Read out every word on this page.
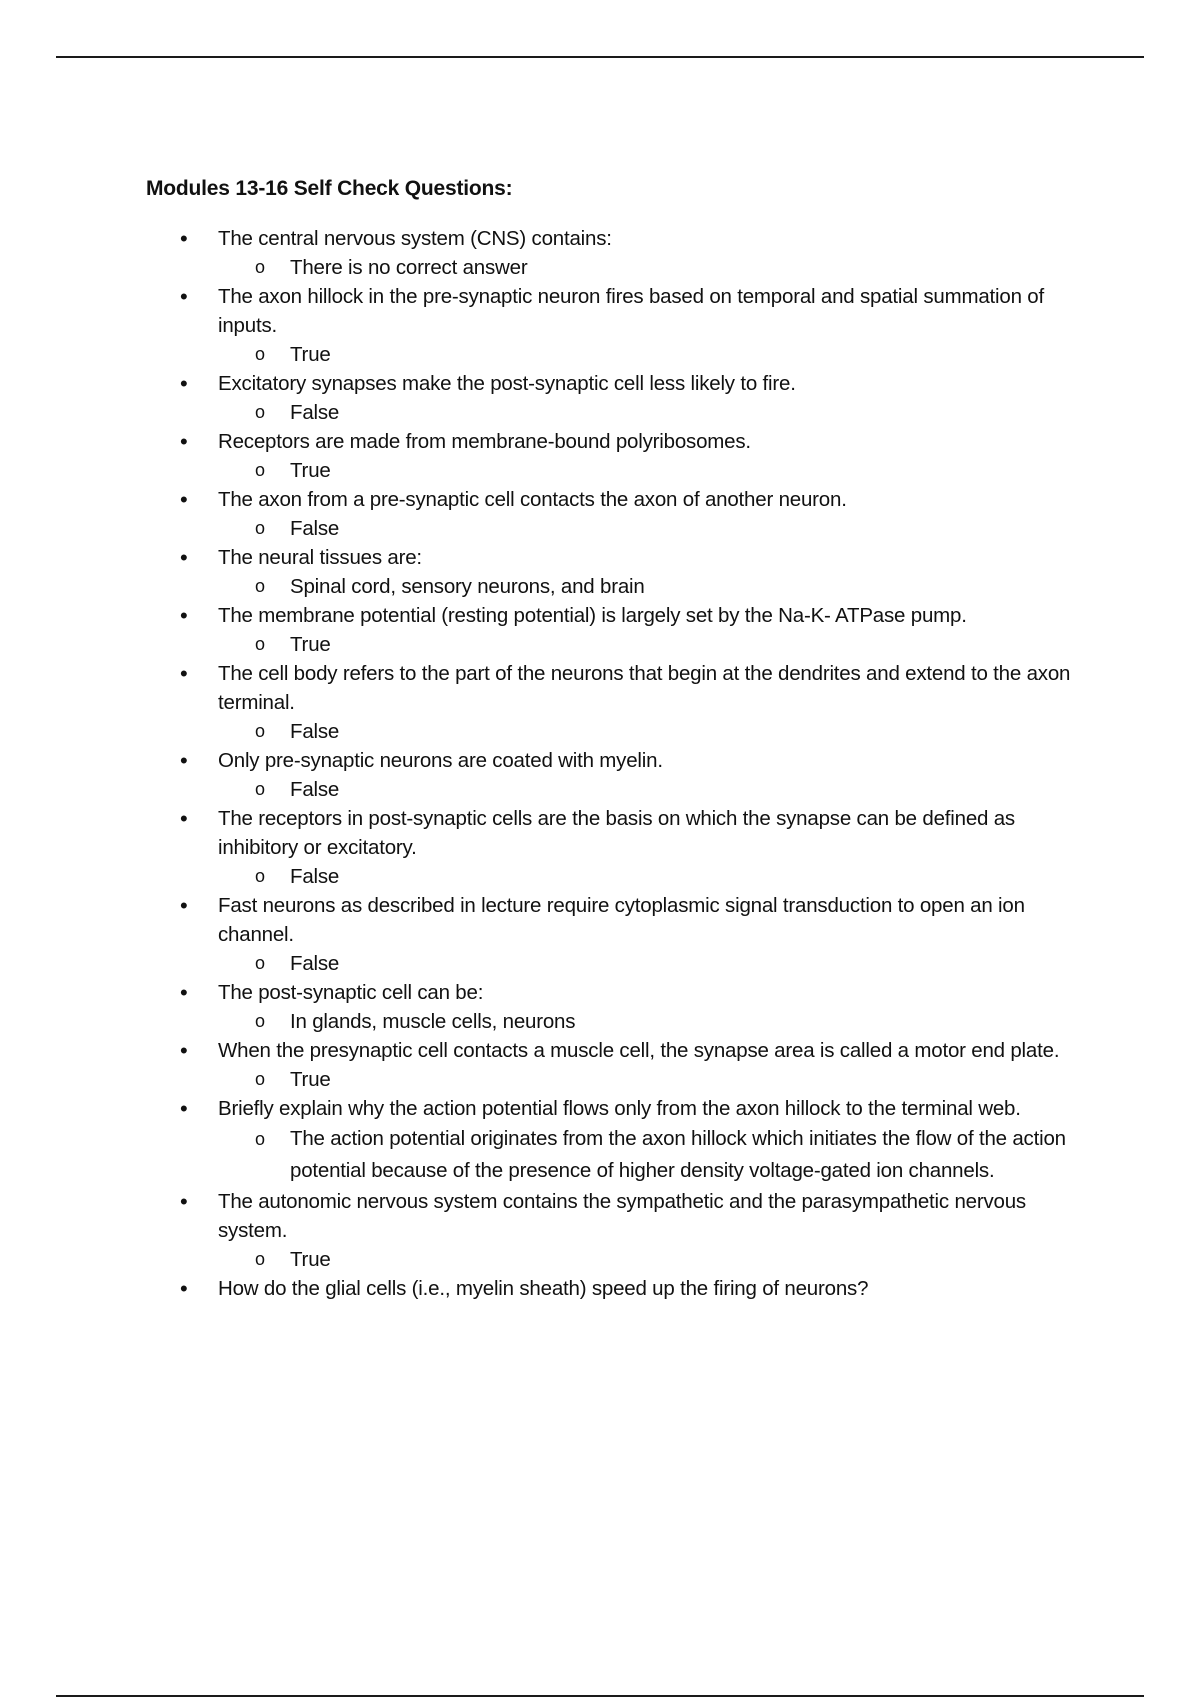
Modules 13-16 Self Check Questions:
• The central nervous system (CNS) contains:
o There is no correct answer
• The axon hillock in the pre-synaptic neuron fires based on temporal and spatial summation of inputs.
o True
• Excitatory synapses make the post-synaptic cell less likely to fire.
o False
• Receptors are made from membrane-bound polyribosomes.
o True
• The axon from a pre-synaptic cell contacts the axon of another neuron.
o False
• The neural tissues are:
o Spinal cord, sensory neurons, and brain
• The membrane potential (resting potential) is largely set by the Na-K- ATPase pump.
o True
• The cell body refers to the part of the neurons that begin at the dendrites and extend to the axon terminal.
o False
• Only pre-synaptic neurons are coated with myelin.
o False
• The receptors in post-synaptic cells are the basis on which the synapse can be defined as inhibitory or excitatory.
o False
• Fast neurons as described in lecture require cytoplasmic signal transduction to open an ion channel.
o False
• The post-synaptic cell can be:
o In glands, muscle cells, neurons
• When the presynaptic cell contacts a muscle cell, the synapse area is called a motor end plate.
o True
• Briefly explain why the action potential flows only from the axon hillock to the terminal web.
o The action potential originates from the axon hillock which initiates the flow of the action potential because of the presence of higher density voltage-gated ion channels.
• The autonomic nervous system contains the sympathetic and the parasympathetic nervous system.
o True
• How do the glial cells (i.e., myelin sheath) speed up the firing of neurons?
